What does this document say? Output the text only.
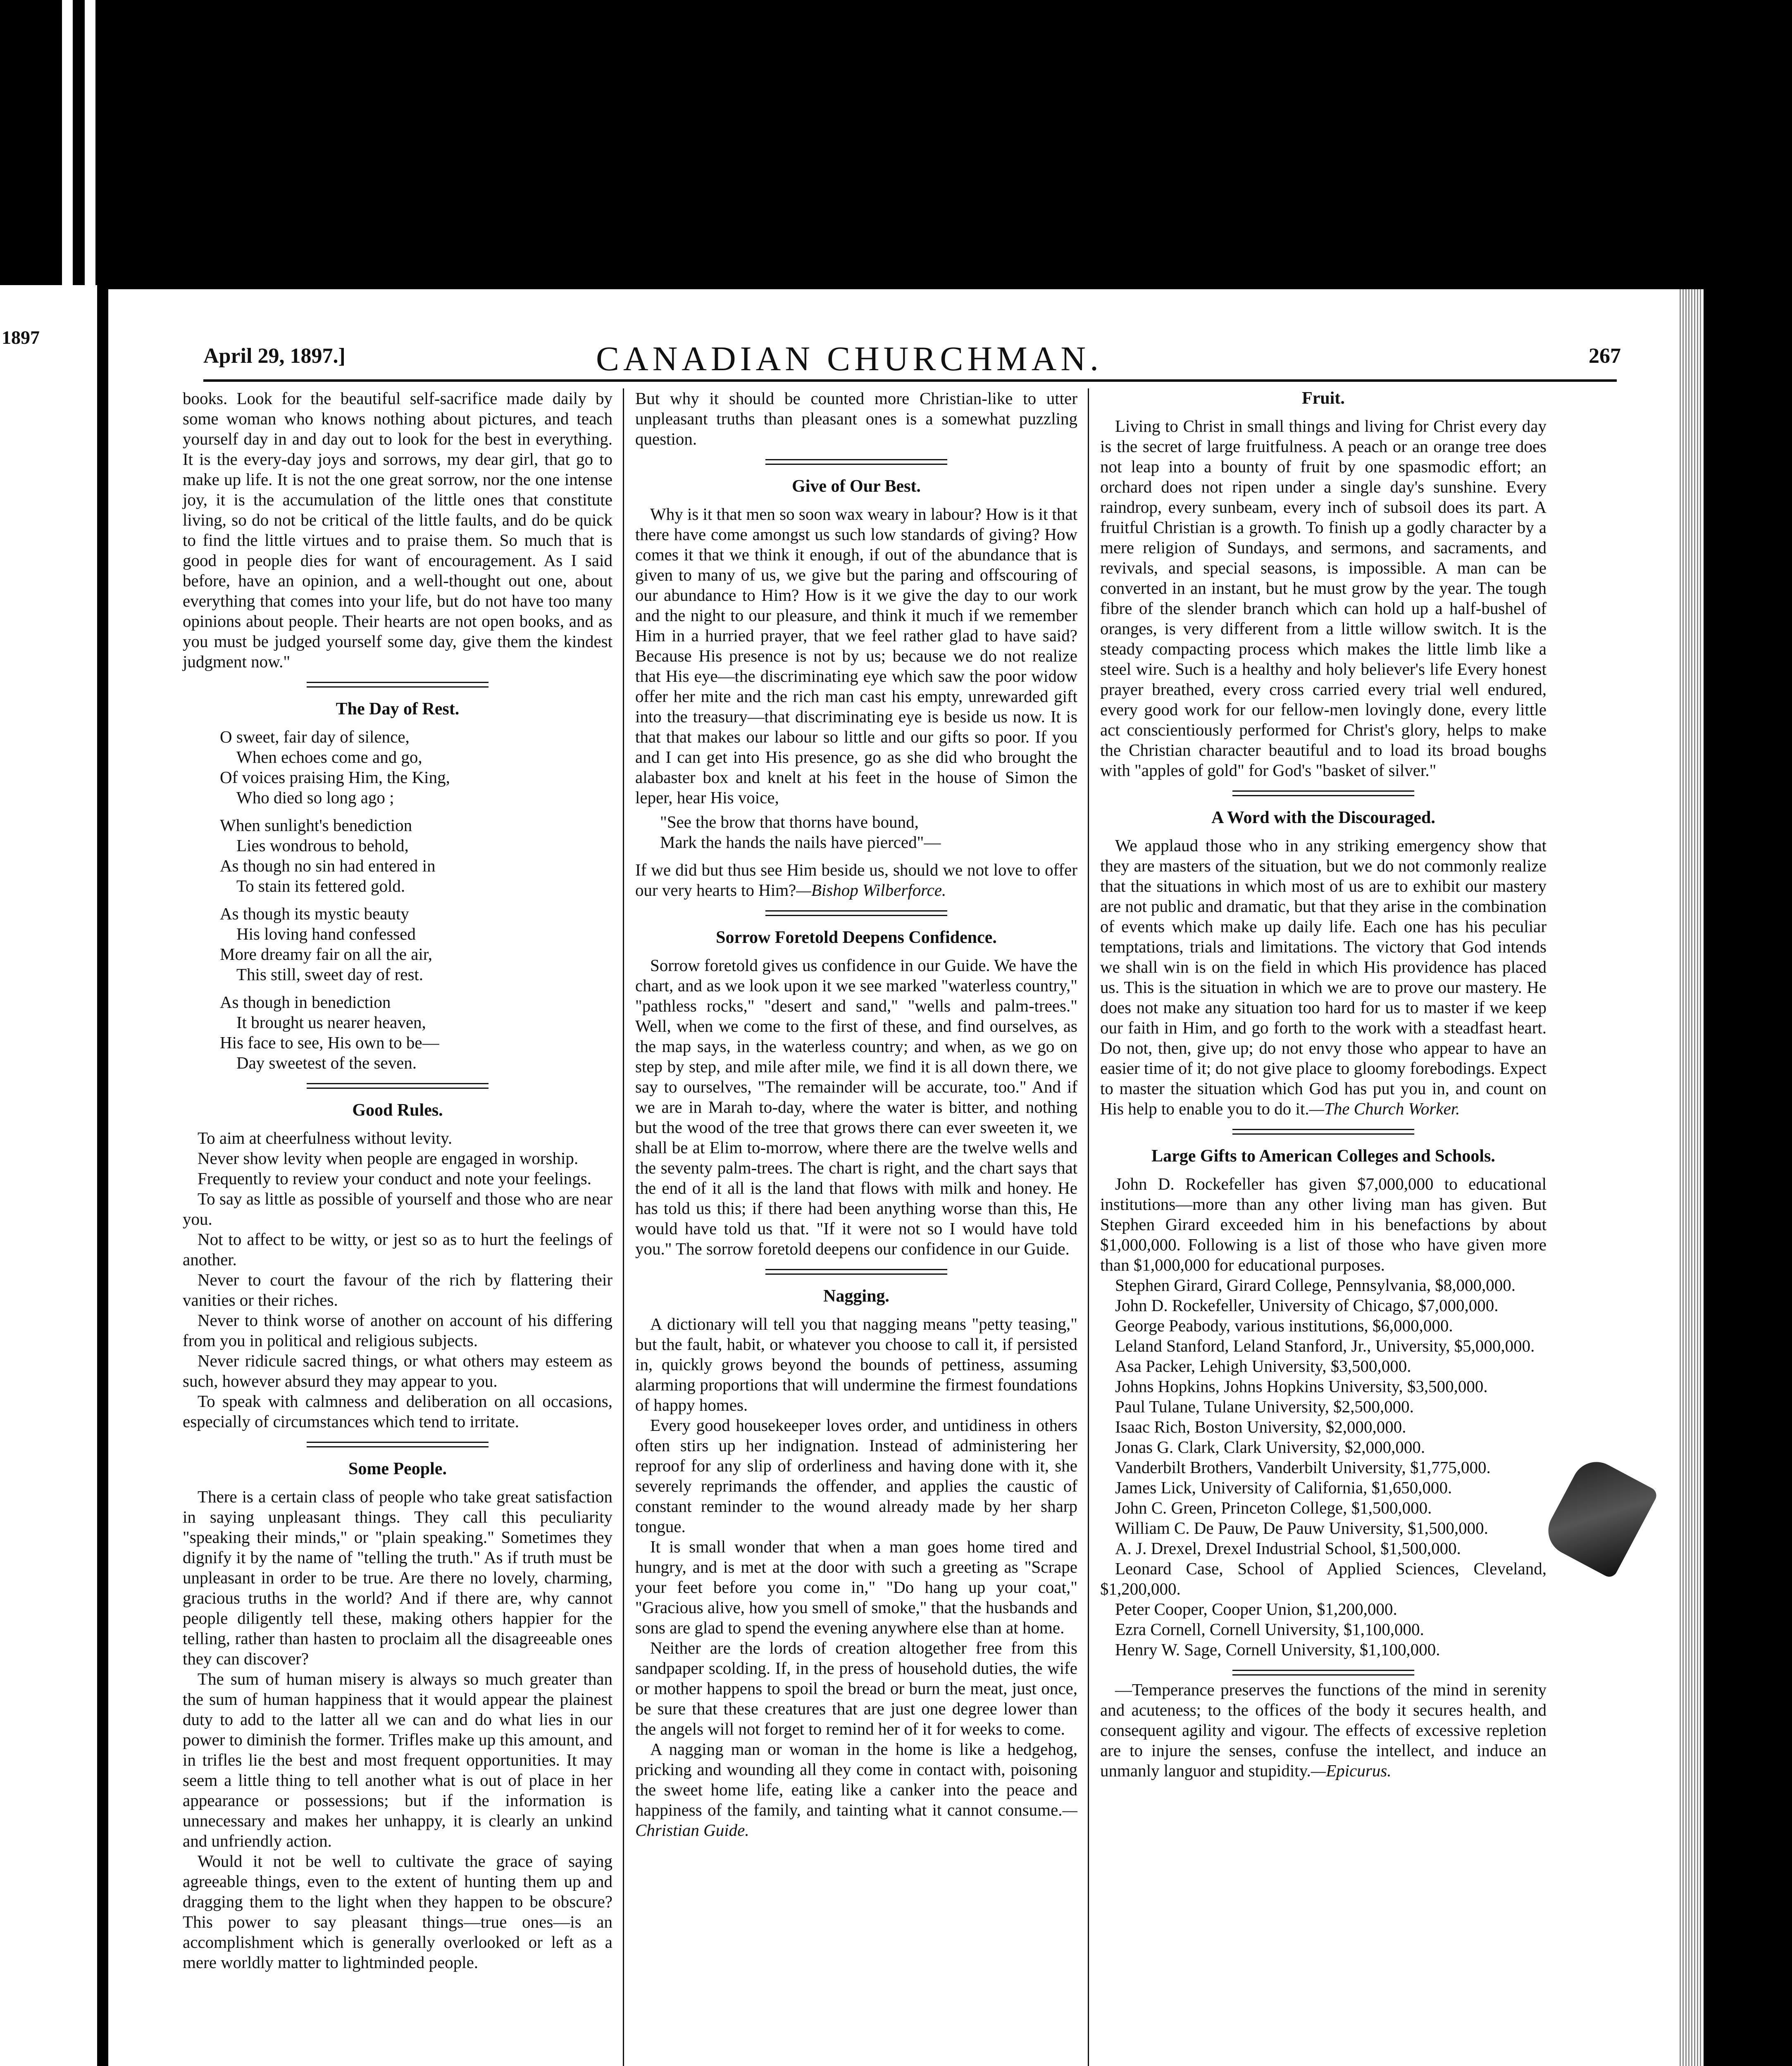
1897
April 29, 1897.]	CANADIAN CHURCHMAN.	267

books. Look for the beautiful self-sacrifice made daily by some woman who knows nothing about pictures, and teach yourself day in and day out to look for the best in everything. It is the every-day joys and sorrows, my dear girl, that go to make up life. It is not the one great sorrow, nor the one intense joy, it is the accumulation of the little ones that constitute living, so do not be critical of the little faults, and do be quick to find the little virtues and to praise them. So much that is good in people dies for want of encouragement. As I said before, have an opinion, and a well-thought out one, about everything that comes into your life, but do not have too many opinions about people. Their hearts are not open books, and as you must be judged yourself some day, give them the kindest judgment now."

The Day of Rest.
O sweet, fair day of silence,
When echoes come and go,
Of voices praising Him, the King,
Who died so long ago ;
When sunlight's benediction
Lies wondrous to behold,
As though no sin had entered in
To stain its fettered gold.
As though its mystic beauty
His loving hand confessed
More dreamy fair on all the air,
This still, sweet day of rest.
As though in benediction
It brought us nearer heaven,
His face to see, His own to be—
Day sweetest of the seven.
Good Rules.

To aim at cheerfulness without levity.

Never show levity when people are engaged in worship.

Frequently to review your conduct and note your feelings.

To say as little as possible of yourself and those who are near you.

Not to affect to be witty, or jest so as to hurt the feelings of another.

Never to court the favour of the rich by flattering their vanities or their riches.

Never to think worse of another on account of his differing from you in political and religious subjects.

Never ridicule sacred things, or what others may esteem as such, however absurd they may appear to you.

To speak with calmness and deliberation on all occasions, especially of circumstances which tend to irritate.

Some People.

There is a certain class of people who take great satisfaction in saying unpleasant things. They call this peculiarity "speaking their minds," or "plain speaking." Sometimes they dignify it by the name of "telling the truth." As if truth must be unpleasant in order to be true. Are there no lovely, charming, gracious truths in the world? And if there are, why cannot people diligently tell these, making others happier for the telling, rather than hasten to proclaim all the disagreeable ones they can discover?

The sum of human misery is always so much greater than the sum of human happiness that it would appear the plainest duty to add to the latter all we can and do what lies in our power to diminish the former. Trifles make up this amount, and in trifles lie the best and most frequent opportunities. It may seem a little thing to tell another what is out of place in her appearance or possessions; but if the information is unnecessary and makes her unhappy, it is clearly an unkind and unfriendly action.

Would it not be well to cultivate the grace of saying agreeable things, even to the extent of hunting them up and dragging them to the light when they happen to be obscure? This power to say pleasant things—true ones—is an accomplishment which is generally overlooked or left as a mere worldly matter to lightminded people.

But why it should be counted more Christian-like to utter unpleasant truths than pleasant ones is a somewhat puzzling question.

Give of Our Best.

Why is it that men so soon wax weary in labour? How is it that there have come amongst us such low standards of giving? How comes it that we think it enough, if out of the abundance that is given to many of us, we give but the paring and offscouring of our abundance to Him? How is it we give the day to our work and the night to our pleasure, and think it much if we remember Him in a hurried prayer, that we feel rather glad to have said? Because His presence is not by us; because we do not realize that His eye—the discriminating eye which saw the poor widow offer her mite and the rich man cast his empty, unrewarded gift into the treasury—that discriminating eye is beside us now. It is that that makes our labour so little and our gifts so poor. If you and I can get into His presence, go as she did who brought the alabaster box and knelt at his feet in the house of Simon the leper, hear His voice,

"See the brow that thorns have bound,
Mark the hands the nails have pierced"—

If we did but thus see Him beside us, should we not love to offer our very hearts to Him?—Bishop Wilberforce.

Sorrow Foretold Deepens Confidence.

Sorrow foretold gives us confidence in our Guide. We have the chart, and as we look upon it we see marked "waterless country," "pathless rocks," "desert and sand," "wells and palm-trees." Well, when we come to the first of these, and find ourselves, as the map says, in the waterless country; and when, as we go on step by step, and mile after mile, we find it is all down there, we say to ourselves, "The remainder will be accurate, too." And if we are in Marah to-day, where the water is bitter, and nothing but the wood of the tree that grows there can ever sweeten it, we shall be at Elim to-morrow, where there are the twelve wells and the seventy palm-trees. The chart is right, and the chart says that the end of it all is the land that flows with milk and honey. He has told us this; if there had been anything worse than this, He would have told us that. "If it were not so I would have told you." The sorrow foretold deepens our confidence in our Guide.

Nagging.

A dictionary will tell you that nagging means "petty teasing," but the fault, habit, or whatever you choose to call it, if persisted in, quickly grows beyond the bounds of pettiness, assuming alarming proportions that will undermine the firmest foundations of happy homes.

Every good housekeeper loves order, and untidiness in others often stirs up her indignation. Instead of administering her reproof for any slip of orderliness and having done with it, she severely reprimands the offender, and applies the caustic of constant reminder to the wound already made by her sharp tongue.

It is small wonder that when a man goes home tired and hungry, and is met at the door with such a greeting as "Scrape your feet before you come in," "Do hang up your coat," "Gracious alive, how you smell of smoke," that the husbands and sons are glad to spend the evening anywhere else than at home.

Neither are the lords of creation altogether free from this sandpaper scolding. If, in the press of household duties, the wife or mother happens to spoil the bread or burn the meat, just once, be sure that these creatures that are just one degree lower than the angels will not forget to remind her of it for weeks to come.

A nagging man or woman in the home is like a hedgehog, pricking and wounding all they come in contact with, poisoning the sweet home life, eating like a canker into the peace and happiness of the family, and tainting what it cannot consume.—Christian Guide.

Fruit.

Living to Christ in small things and living for Christ every day is the secret of large fruitfulness. A peach or an orange tree does not leap into a bounty of fruit by one spasmodic effort; an orchard does not ripen under a single day's sunshine. Every raindrop, every sunbeam, every inch of subsoil does its part. A fruitful Christian is a growth. To finish up a godly character by a mere religion of Sundays, and sermons, and sacraments, and revivals, and special seasons, is impossible. A man can be converted in an instant, but he must grow by the year. The tough fibre of the slender branch which can hold up a half-bushel of oranges, is very different from a little willow switch. It is the steady compacting process which makes the little limb like a steel wire. Such is a healthy and holy believer's life Every honest prayer breathed, every cross carried every trial well endured, every good work for our fellow-men lovingly done, every little act conscientiously performed for Christ's glory, helps to make the Christian character beautiful and to load its broad boughs with "apples of gold" for God's "basket of silver."

A Word with the Discouraged.

We applaud those who in any striking emergency show that they are masters of the situation, but we do not commonly realize that the situations in which most of us are to exhibit our mastery are not public and dramatic, but that they arise in the combination of events which make up daily life. Each one has his peculiar temptations, trials and limitations. The victory that God intends we shall win is on the field in which His providence has placed us. This is the situation in which we are to prove our mastery. He does not make any situation too hard for us to master if we keep our faith in Him, and go forth to the work with a steadfast heart. Do not, then, give up; do not envy those who appear to have an easier time of it; do not give place to gloomy forebodings. Expect to master the situation which God has put you in, and count on His help to enable you to do it.—The Church Worker.

Large Gifts to American Colleges and Schools.

John D. Rockefeller has given $7,000,000 to educational institutions—more than any other living man has given. But Stephen Girard exceeded him in his benefactions by about $1,000,000. Following is a list of those who have given more than $1,000,000 for educational purposes.

Stephen Girard, Girard College, Pennsylvania, $8,000,000.

John D. Rockefeller, University of Chicago, $7,000,000.

George Peabody, various institutions, $6,000,000.

Leland Stanford, Leland Stanford, Jr., University, $5,000,000.

Asa Packer, Lehigh University, $3,500,000.

Johns Hopkins, Johns Hopkins University, $3,500,000.

Paul Tulane, Tulane University, $2,500,000.

Isaac Rich, Boston University, $2,000,000.

Jonas G. Clark, Clark University, $2,000,000.

Vanderbilt Brothers, Vanderbilt University, $1,775,000.

James Lick, University of California, $1,650,000.

John C. Green, Princeton College, $1,500,000.

William C. De Pauw, De Pauw University, $1,500,000.

A. J. Drexel, Drexel Industrial School, $1,500,000.

Leonard Case, School of Applied Sciences, Cleveland, $1,200,000.

Peter Cooper, Cooper Union, $1,200,000.

Ezra Cornell, Cornell University, $1,100,000.

Henry W. Sage, Cornell University, $1,100,000.

—Temperance preserves the functions of the mind in serenity and acuteness; to the offices of the body it secures health, and consequent agility and vigour. The effects of excessive repletion are to injure the senses, confuse the intellect, and induce an unmanly languor and stupidity.—Epicurus.
